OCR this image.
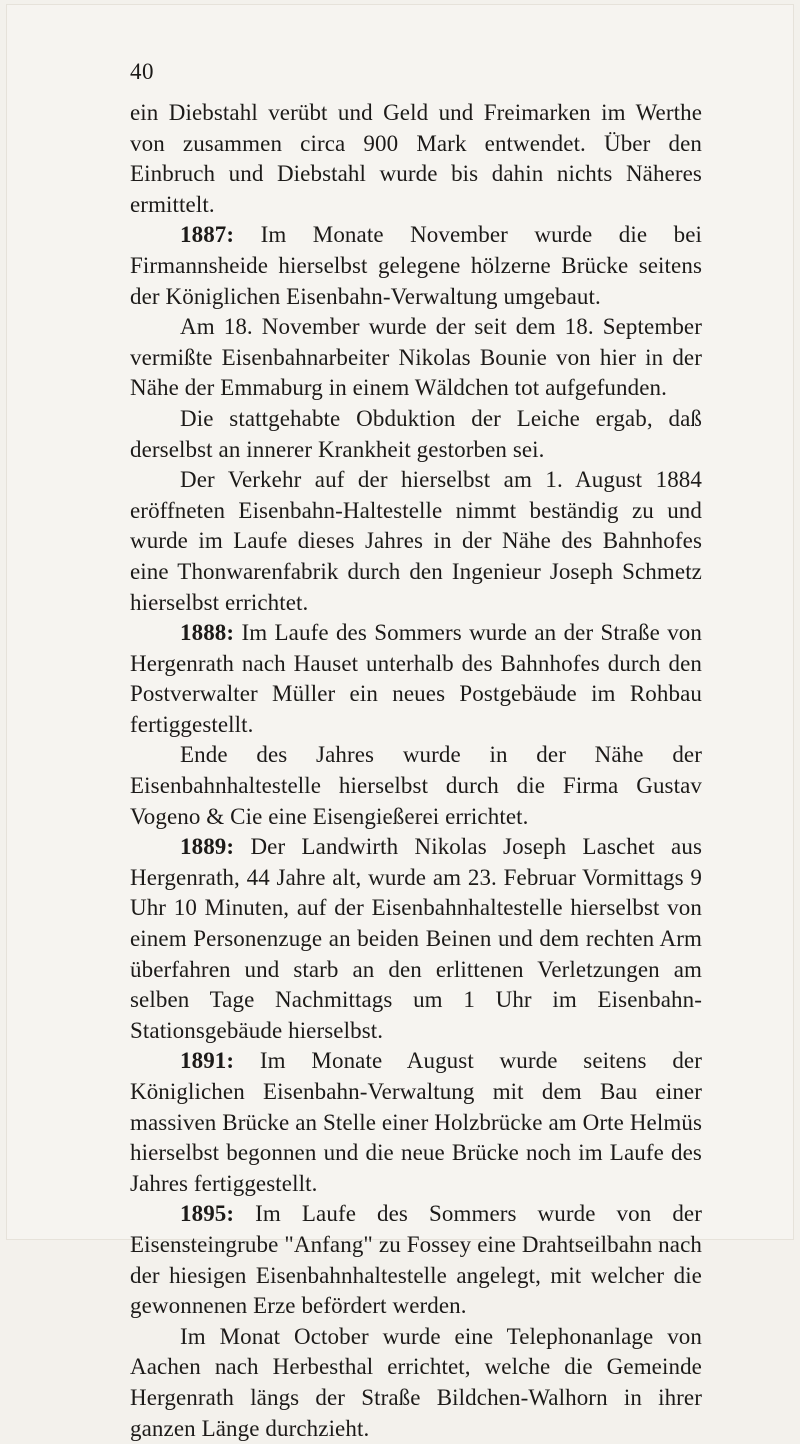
40

ein Diebstahl verübt und Geld und Freimarken im Werthe von zusammen circa 900 Mark entwendet. Über den Einbruch und Diebstahl wurde bis dahin nichts Näheres ermittelt.

1887: Im Monate November wurde die bei Firmannsheide hierselbst gelegene hölzerne Brücke seitens der Königlichen Eisenbahn-Verwaltung umgebaut.

Am 18. November wurde der seit dem 18. September vermißte Eisenbahnarbeiter Nikolas Bounie von hier in der Nähe der Emmaburg in einem Wäldchen tot aufgefunden.

Die stattgehabte Obduktion der Leiche ergab, daß derselbst an innerer Krankheit gestorben sei.

Der Verkehr auf der hierselbst am 1. August 1884 eröffneten Eisenbahn-Haltestelle nimmt beständig zu und wurde im Laufe dieses Jahres in der Nähe des Bahnhofes eine Thonwarenfabrik durch den Ingenieur Joseph Schmetz hierselbst errichtet.

1888: Im Laufe des Sommers wurde an der Straße von Hergenrath nach Hauset unterhalb des Bahnhofes durch den Postverwalter Müller ein neues Postgebäude im Rohbau fertiggestellt.

Ende des Jahres wurde in der Nähe der Eisenbahnhaltestelle hierselbst durch die Firma Gustav Vogeno & Cie eine Eisengießerei errichtet.

1889: Der Landwirth Nikolas Joseph Laschet aus Hergenrath, 44 Jahre alt, wurde am 23. Februar Vormittags 9 Uhr 10 Minuten, auf der Eisenbahnhaltestelle hierselbst von einem Personenzuge an beiden Beinen und dem rechten Arm überfahren und starb an den erlittenen Verletzungen am selben Tage Nachmittags um 1 Uhr im Eisenbahn-Stationsgebäude hierselbst.

1891: Im Monate August wurde seitens der Königlichen Eisenbahn-Verwaltung mit dem Bau einer massiven Brücke an Stelle einer Holzbrücke am Orte Helmüs hierselbst begonnen und die neue Brücke noch im Laufe des Jahres fertiggestellt.

1895: Im Laufe des Sommers wurde von der Eisensteingrube "Anfang" zu Fossey eine Drahtseilbahn nach der hiesigen Eisenbahnhaltestelle angelegt, mit welcher die gewonnenen Erze befördert werden.

Im Monat October wurde eine Telephonanlage von Aachen nach Herbesthal errichtet, welche die Gemeinde Hergenrath längs der Straße Bildchen-Walhorn in ihrer ganzen Länge durchzieht.
